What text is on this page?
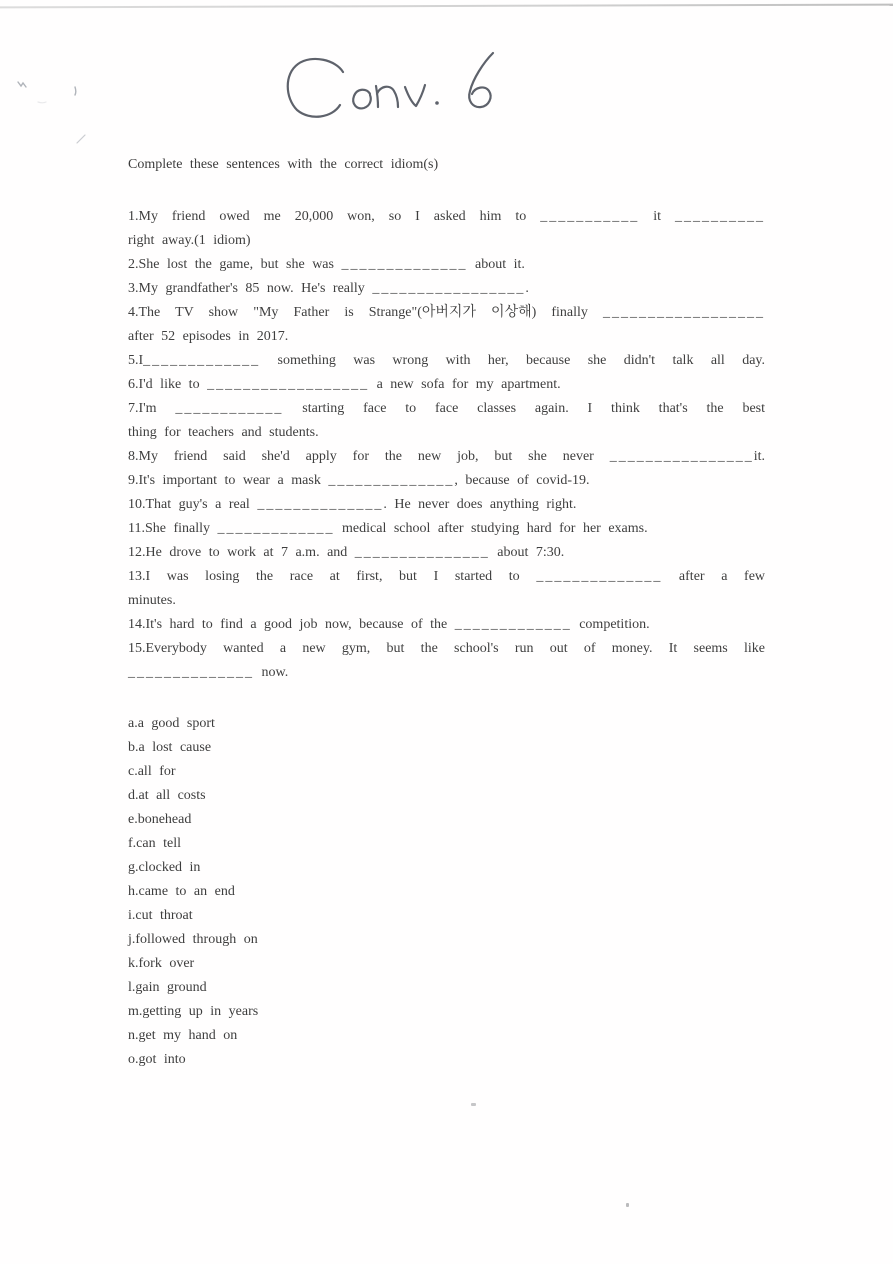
Complete these sentences with the correct idiom(s)
1.My friend owed me 20,000 won, so I asked him to ___________ it __________
right away.(1 idiom)
2.She lost the game, but she was ______________ about it.
3.My grandfather's 85 now. He's really _________________.
4.The TV show "My Father is Strange"(아버지가 이상해) finally __________________
after 52 episodes in 2017.
5.I_____________ something was wrong with her, because she didn't talk all day.
6.I'd like to __________________ a new sofa for my apartment.
7.I'm ____________ starting face to face classes again. I think that's the best
thing for teachers and students.
8.My friend said she'd apply for the new job, but she never ________________it.
9.It's important to wear a mask ______________, because of covid-19.
10.That guy's a real ______________. He never does anything right.
11.She finally _____________ medical school after studying hard for her exams.
12.He drove to work at 7 a.m. and _______________ about 7:30.
13.I was losing the race at first, but I started to ______________ after a few
minutes.
14.It's hard to find a good job now, because of the _____________ competition.
15.Everybody wanted a new gym, but the school's run out of money. It seems like
______________ now.
a.a good sport
b.a lost cause
c.all for
d.at all costs
e.bonehead
f.can tell
g.clocked in
h.came to an end
i.cut throat
j.followed through on
k.fork over
l.gain ground
m.getting up in years
n.get my hand on
o.got into
